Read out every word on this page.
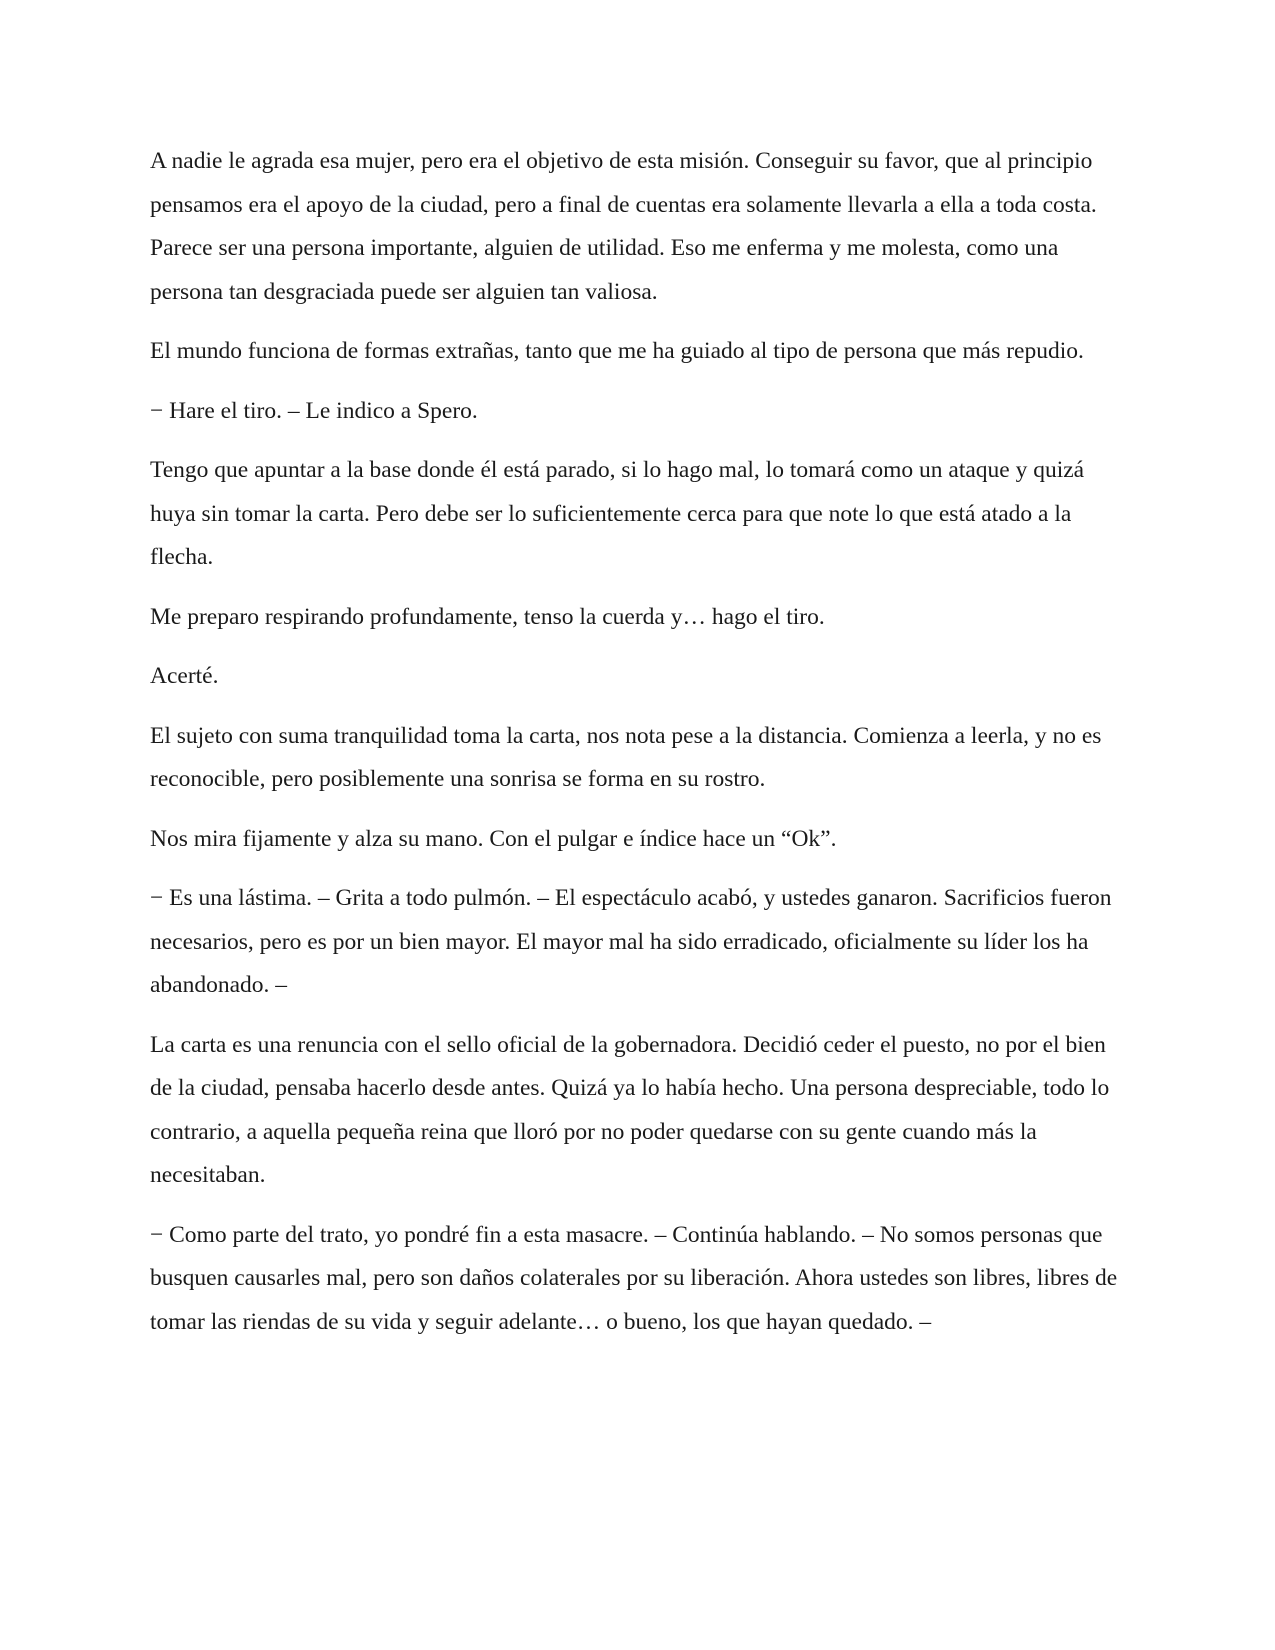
A nadie le agrada esa mujer, pero era el objetivo de esta misión. Conseguir su favor, que al principio pensamos era el apoyo de la ciudad, pero a final de cuentas era solamente llevarla a ella a toda costa. Parece ser una persona importante, alguien de utilidad. Eso me enferma y me molesta, como una persona tan desgraciada puede ser alguien tan valiosa.

El mundo funciona de formas extrañas, tanto que me ha guiado al tipo de persona que más repudio.

− Hare el tiro. – Le indico a Spero.

Tengo que apuntar a la base donde él está parado, si lo hago mal, lo tomará como un ataque y quizá huya sin tomar la carta. Pero debe ser lo suficientemente cerca para que note lo que está atado a la flecha.

Me preparo respirando profundamente, tenso la cuerda y… hago el tiro.

Acerté.

El sujeto con suma tranquilidad toma la carta, nos nota pese a la distancia. Comienza a leerla, y no es reconocible, pero posiblemente una sonrisa se forma en su rostro.

Nos mira fijamente y alza su mano. Con el pulgar e índice hace un “Ok”.

− Es una lástima. – Grita a todo pulmón. – El espectáculo acabó, y ustedes ganaron. Sacrificios fueron necesarios, pero es por un bien mayor. El mayor mal ha sido erradicado, oficialmente su líder los ha abandonado. –

La carta es una renuncia con el sello oficial de la gobernadora. Decidió ceder el puesto, no por el bien de la ciudad, pensaba hacerlo desde antes. Quizá ya lo había hecho. Una persona despreciable, todo lo contrario, a aquella pequeña reina que lloró por no poder quedarse con su gente cuando más la necesitaban.

− Como parte del trato, yo pondré fin a esta masacre. – Continúa hablando. – No somos personas que busquen causarles mal, pero son daños colaterales por su liberación. Ahora ustedes son libres, libres de tomar las riendas de su vida y seguir adelante… o bueno, los que hayan quedado. –
